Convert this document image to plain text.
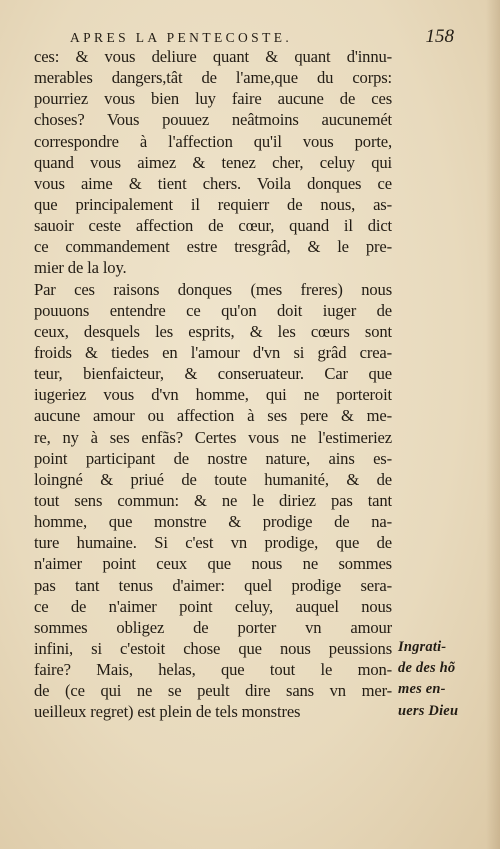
APRES LA PENTECOSTE.	158
ces: & vous deliure quant & quant d'innu-
merables dangers,tât de l'ame,que du corps:
pourriez vous bien luy faire aucune de ces
choses? Vous pouuez neâtmoins aucunemét
correspondre à l'affection qu'il vous porte,
quand vous aimez & tenez cher, celuy qui
vous aime & tient chers. Voila donques ce
que principalement il requierr de nous, as-
sauoir ceste affection de cœur, quand il dict
ce commandement estre tresgrâd, & le pre-
mier de la loy.
Par ces raisons donques (mes freres) nous
pouuons entendre ce qu'on doit iuger de
ceux, desquels les esprits, & les cœurs sont
froids & tiedes en l'amour d'vn si grâd crea-
teur, bienfaicteur, & conseruateur. Car que
iugeriez vous d'vn homme, qui ne porteroit
aucune amour ou affection à ses pere & me-
re, ny à ses enfãs? Certes vous ne l'estimeriez
point participant de nostre nature, ains es-
loingné & priué de toute humanité, & de
tout sens commun: & ne le diriez pas tant
homme, que monstre & prodige de na-
ture humaine. Si c'est vn prodige, que de
n'aimer point ceux que nous ne sommes
pas tant tenus d'aimer: quel prodige sera-
ce de n'aimer point celuy, auquel nous
sommes obligez de porter vn amour
infini, si c'estoit chose que nous peussions
faire? Mais, helas, que tout le mon-
de (ce qui ne se peult dire sans vn mer-
ueilleux regret) est plein de tels monstres
Ingrati-
de des hõ
mes en-
uers Dieu
